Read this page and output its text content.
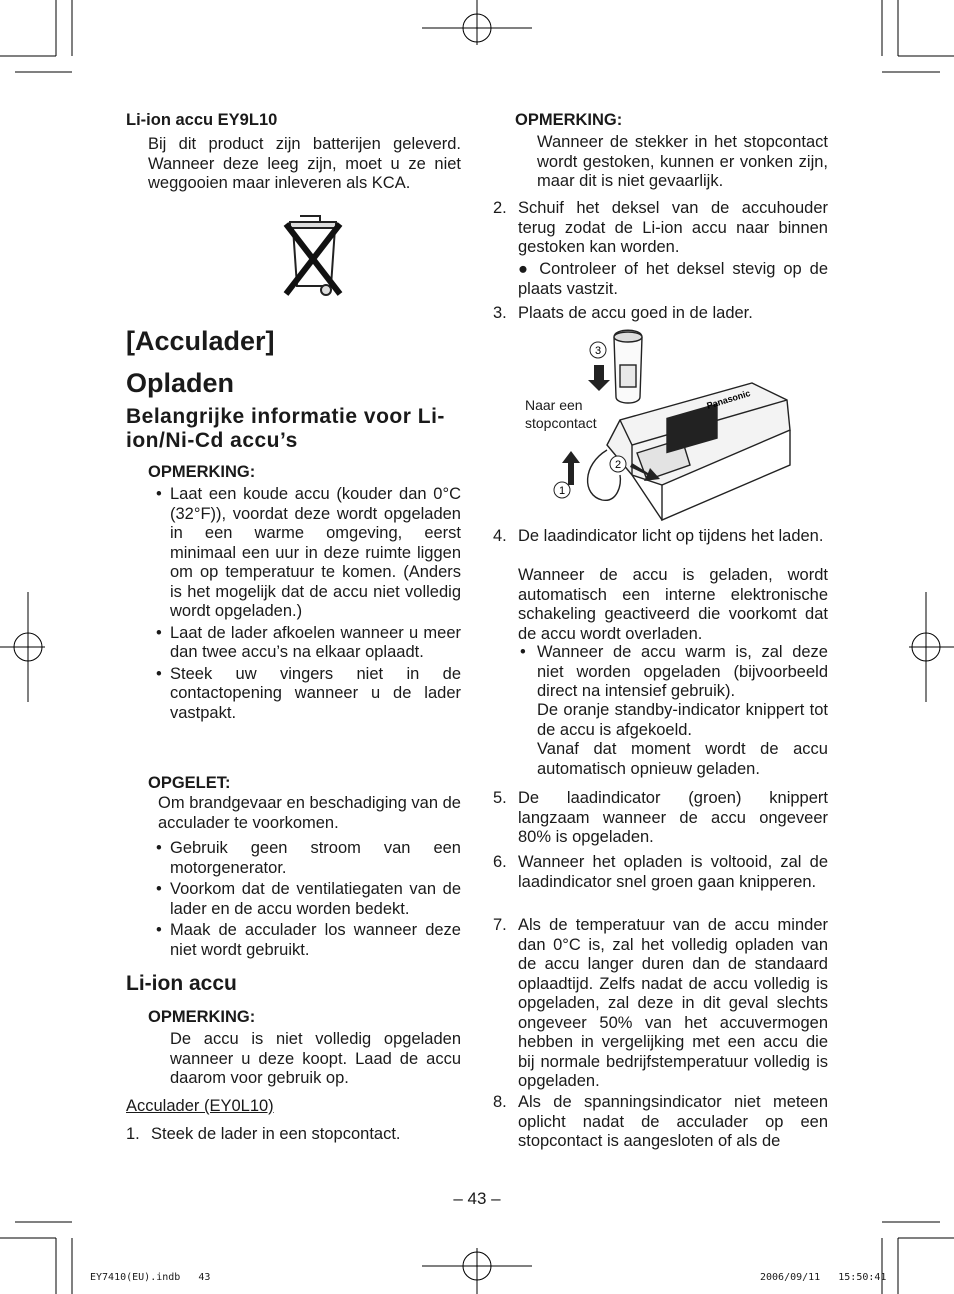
Li-ion accu EY9L10

Bij dit product zijn batterijen geleverd. Wanneer deze leeg zijn, moet u ze niet weggooien maar inleveren als KCA.

[Acculader]
Opladen
Belangrijke informatie voor Li-ion/Ni-Cd accu’s
OPMERKING:
• Laat een koude accu (kouder dan 0°C (32°F)), voordat deze wordt opgeladen in een warme omgeving, eerst minimaal een uur in deze ruimte liggen om op temperatuur te komen. (Anders is het mogelijk dat de accu niet volledig wordt opgeladen.)
• Laat de lader afkoelen wanneer u meer dan twee accu’s na elkaar oplaadt.
• Steek uw vingers niet in de contactopening wanneer u de lader vastpakt.
OPGELET:

Om brandgevaar en beschadiging van de acculader te voorkomen.

• Gebruik geen stroom van een motorgenerator.
• Voorkom dat de ventilatiegaten van de lader en de accu worden bedekt.
• Maak de acculader los wanneer deze niet wordt gebruikt.
Li-ion accu
OPMERKING:

De accu is niet volledig opgeladen wanneer u deze koopt. Laad de accu daarom voor gebruik op.

Acculader (EY0L10)
1. Steek de lader in een stopcontact.
OPMERKING:

Wanneer de stekker in het stopcontact wordt gestoken, kunnen er vonken zijn, maar dit is niet gevaarlijk.

2. Schuif het deksel van de accuhouder terug zodat de Li-ion accu naar binnen gestoken kan worden.

● Controleer of het deksel stevig op de plaats vastzit.

3. Plaats de accu goed in de lader.
3
2
1
Panasonic
Naar een
stopcontact
4. De laadindicator licht op tijdens het laden.

Wanneer de accu is geladen, wordt automatisch een interne elektronische schakeling geactiveerd die voorkomt dat de accu wordt overladen.

• Wanneer de accu warm is, zal deze niet worden opgeladen (bijvoorbeeld direct na intensief gebruik).

De oranje standby-indicator knippert tot de accu is afgekoeld.

Vanaf dat moment wordt de accu automatisch opnieuw geladen.

5. De laadindicator (groen) knippert langzaam wanneer de accu ongeveer 80% is opgeladen.
6. Wanneer het opladen is voltooid, zal de laadindicator snel groen gaan knipperen.
7. Als de temperatuur van de accu minder dan 0°C is, zal het volledig opladen van de accu langer duren dan de standaard oplaadtijd. Zelfs nadat de accu volledig is opgeladen, zal deze in dit geval slechts ongeveer 50% van het accuvermogen hebben in vergelijking met een accu die bij normale bedrijfstemperatuur volledig is opgeladen.
8. Als de spanningsindicator niet meteen oplicht nadat de acculader op een stopcontact is aangesloten of als de
– 43 –
EY7410(EU).indb   43	2006/09/11   15:50:41
